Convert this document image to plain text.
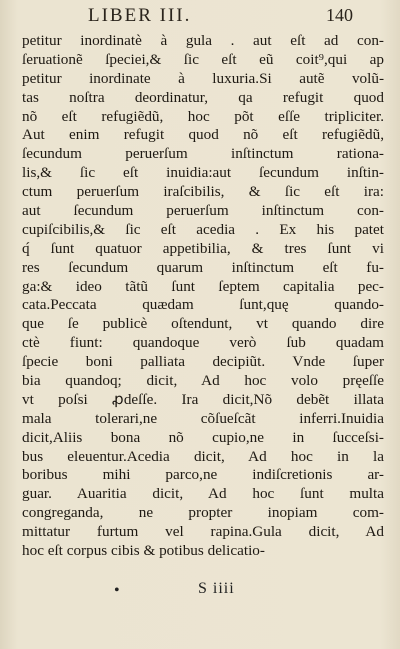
LIBER III.	140
petitur inordinatè à gula . aut eſt ad con-
ſeruationẽ ſpeciei,& ſic eſt eũ coit⁹,qui ap
petitur inordinate à luxuria.Si autẽ volũ-
tas noſtra deordinatur, qa refugit quod
nõ eſt refugiẽdũ, hoc põt eſſe tripliciter.
Aut enim refugit quod nõ eſt refugiẽdũ,
ſecundum peruerſum inſtinctum rationa-
lis,& ſic eſt inuidia:aut ſecundum inſtin-
ctum peruerſum iraſcibilis, & ſic eſt ira:
aut ſecundum peruerſum inſtinctum con-
cupiſcibilis,& ſic eſt acedia . Ex his patet
q́ ſunt quatuor appetibilia, & tres ſunt vi
res ſecundum quarum inſtinctum eſt fu-
ga:& ideo tãtũ ſunt ſeptem capitalia pec-
cata.Peccata quædam ſunt,quę quando-
que ſe publicè oſtendunt, vt quando dire
ctè fiunt: quandoque verò ſub quadam
ſpecie boni palliata decipiũt. Vnde ſuper
bia quandoq; dicit, Ad hoc volo pręeſſe
vt poſsi ꝓdeſſe. Ira dicit,Nõ debẽt illata
mala tolerari,ne cõſueſcãt inferri.Inuidia
dicit,Aliis bona nõ cupio,ne in ſucceſsi-
bus eleuentur.Acedia dicit, Ad hoc in la
boribus mihi parco,ne indiſcretionis ar-
guar. Auaritia dicit, Ad hoc ſunt multa
congreganda, ne propter inopiam com-
mittatur furtum vel rapina.Gula dicit, Ad
hoc eſt corpus cibis & potibus delicatio-
•	S iiii
